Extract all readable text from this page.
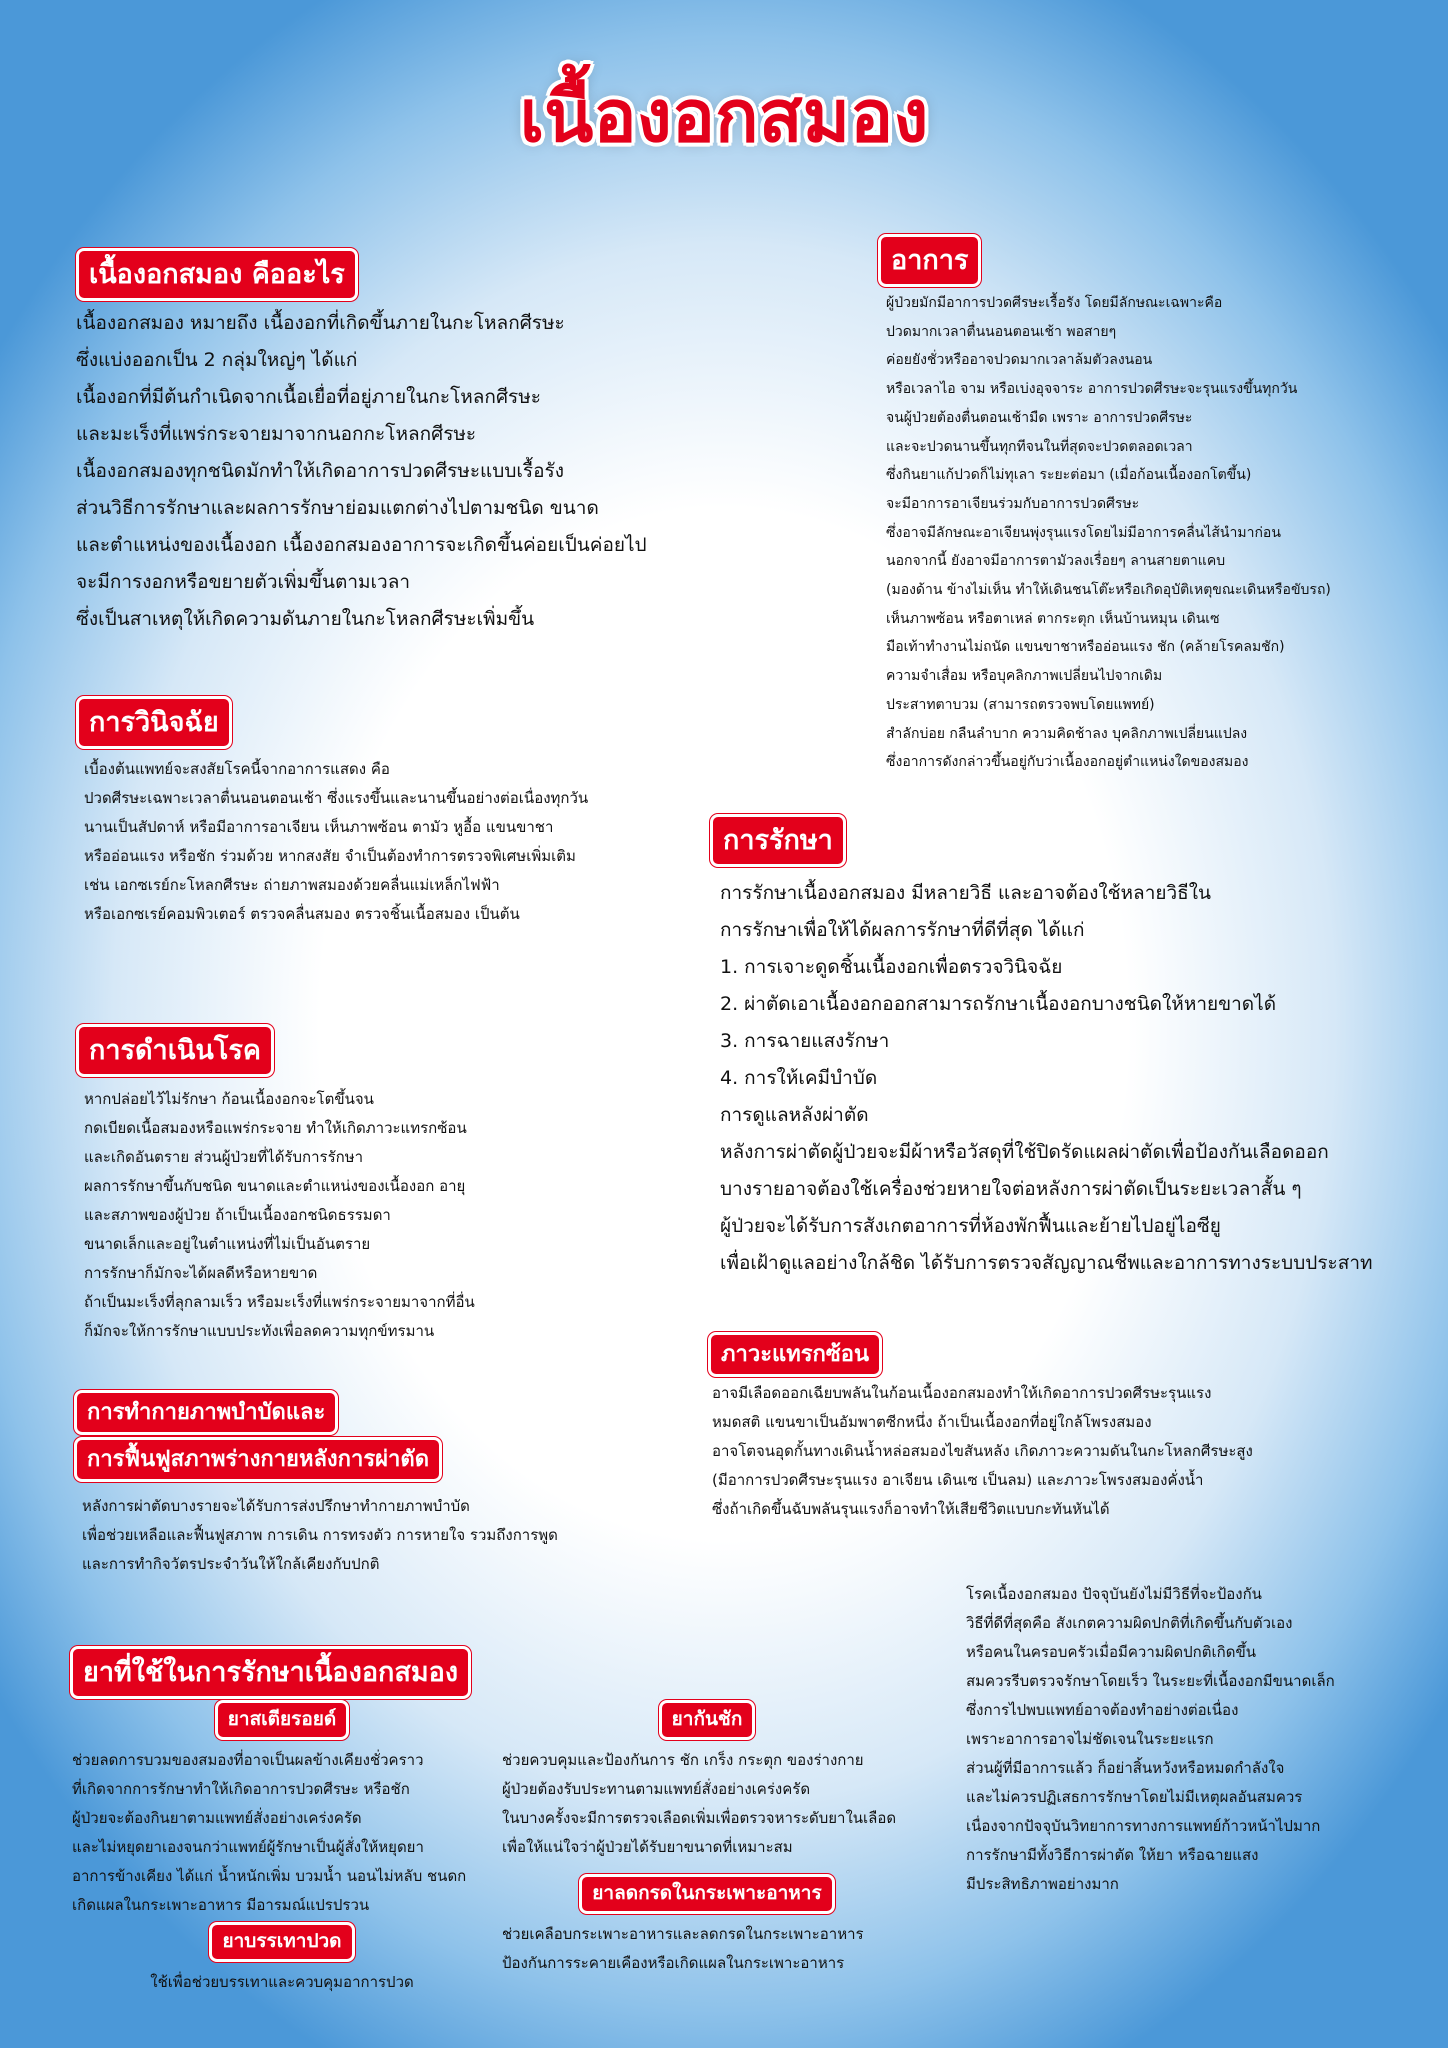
เนื้องอกสมอง
เนื้องอกสมอง คืออะไร
เนื้องอกสมอง หมายถึง เนื้องอกที่เกิดขึ้นภายในกะโหลกศีรษะ
ซึ่งแบ่งออกเป็น 2 กลุ่มใหญ่ๆ ได้แก่
เนื้องอกที่มีต้นกำเนิดจากเนื้อเยื่อที่อยู่ภายในกะโหลกศีรษะ
และมะเร็งที่แพร่กระจายมาจากนอกกะโหลกศีรษะ
เนื้องอกสมองทุกชนิดมักทำให้เกิดอาการปวดศีรษะแบบเรื้อรัง
ส่วนวิธีการรักษาและผลการรักษาย่อมแตกต่างไปตามชนิด ขนาด
และตำแหน่งของเนื้องอก เนื้องอกสมองอาการจะเกิดขึ้นค่อยเป็นค่อยไป
จะมีการงอกหรือขยายตัวเพิ่มขึ้นตามเวลา
ซึ่งเป็นสาเหตุให้เกิดความดันภายในกะโหลกศีรษะเพิ่มขึ้น
อาการ
ผู้ป่วยมักมีอาการปวดศีรษะเรื้อรัง โดยมีลักษณะเฉพาะคือ
ปวดมากเวลาตื่นนอนตอนเช้า พอสายๆ
ค่อยยังชั่วหรืออาจปวดมากเวลาล้มตัวลงนอน
หรือเวลาไอ จาม หรือเบ่งอุจจาระ อาการปวดศีรษะจะรุนแรงขึ้นทุกวัน
จนผู้ป่วยต้องตื่นตอนเช้ามืด เพราะ อาการปวดศีรษะ
และจะปวดนานขึ้นทุกทีจนในที่สุดจะปวดตลอดเวลา
ซึ่งกินยาแก้ปวดก็ไม่ทุเลา ระยะต่อมา (เมื่อก้อนเนื้องอกโตขึ้น)
จะมีอาการอาเจียนร่วมกับอาการปวดศีรษะ
ซึ่งอาจมีลักษณะอาเจียนพุ่งรุนแรงโดยไม่มีอาการคลื่นไส้นำมาก่อน
นอกจากนี้ ยังอาจมีอาการตามัวลงเรื่อยๆ ลานสายตาแคบ
(มองด้าน ข้างไม่เห็น ทำให้เดินชนโต๊ะหรือเกิดอุบัติเหตุขณะเดินหรือขับรถ)
เห็นภาพซ้อน หรือตาเหล่ ตากระตุก เห็นบ้านหมุน เดินเซ
มือเท้าทำงานไม่ถนัด แขนขาชาหรืออ่อนแรง ชัก (คล้ายโรคลมชัก)
ความจำเสื่อม หรือบุคลิกภาพเปลี่ยนไปจากเดิม
ประสาทตาบวม (สามารถตรวจพบโดยแพทย์)
สำลักบ่อย กลืนลำบาก ความคิดช้าลง บุคลิกภาพเปลี่ยนแปลง
ซึ่งอาการดังกล่าวขึ้นอยู่กับว่าเนื้องอกอยู่ตำแหน่งใดของสมอง
การวินิจฉัย
เบื้องต้นแพทย์จะสงสัยโรคนี้จากอาการแสดง คือ
ปวดศีรษะเฉพาะเวลาตื่นนอนตอนเช้า ซึ่งแรงขึ้นและนานขึ้นอย่างต่อเนื่องทุกวัน
นานเป็นสัปดาห์ หรือมีอาการอาเจียน เห็นภาพซ้อน ตามัว หูอื้อ แขนขาชา
หรืออ่อนแรง หรือชัก ร่วมด้วย หากสงสัย จำเป็นต้องทำการตรวจพิเศษเพิ่มเติม
เช่น เอกซเรย์กะโหลกศีรษะ ถ่ายภาพสมองด้วยคลื่นแม่เหล็กไฟฟ้า
หรือเอกซเรย์คอมพิวเตอร์ ตรวจคลื่นสมอง ตรวจชิ้นเนื้อสมอง เป็นต้น
การรักษา
การรักษาเนื้องอกสมอง มีหลายวิธี และอาจต้องใช้หลายวิธีใน
การรักษาเพื่อให้ได้ผลการรักษาที่ดีที่สุด ได้แก่
1. การเจาะดูดชิ้นเนื้องอกเพื่อตรวจวินิจฉัย
2. ผ่าตัดเอาเนื้องอกออกสามารถรักษาเนื้องอกบางชนิดให้หายขาดได้
3. การฉายแสงรักษา
4. การให้เคมีบำบัด
การดูแลหลังผ่าตัด
หลังการผ่าตัดผู้ป่วยจะมีผ้าหรือวัสดุที่ใช้ปิดรัดแผลผ่าตัดเพื่อป้องกันเลือดออก
บางรายอาจต้องใช้เครื่องช่วยหายใจต่อหลังการผ่าตัดเป็นระยะเวลาสั้น ๆ
ผู้ป่วยจะได้รับการสังเกตอาการที่ห้องพักฟื้นและย้ายไปอยู่ไอซียู
เพื่อเฝ้าดูแลอย่างใกล้ชิด ได้รับการตรวจสัญญาณชีพและอาการทางระบบประสาท
การดำเนินโรค
หากปล่อยไว้ไม่รักษา ก้อนเนื้องอกจะโตขึ้นจน
กดเบียดเนื้อสมองหรือแพร่กระจาย ทำให้เกิดภาวะแทรกซ้อน
และเกิดอันตราย ส่วนผู้ป่วยที่ได้รับการรักษา
ผลการรักษาขึ้นกับชนิด ขนาดและตำแหน่งของเนื้องอก อายุ
และสภาพของผู้ป่วย ถ้าเป็นเนื้องอกชนิดธรรมดา
ขนาดเล็กและอยู่ในตำแหน่งที่ไม่เป็นอันตราย
การรักษาก็มักจะได้ผลดีหรือหายขาด
ถ้าเป็นมะเร็งที่ลุกลามเร็ว หรือมะเร็งที่แพร่กระจายมาจากที่อื่น
ก็มักจะให้การรักษาแบบประทังเพื่อลดความทุกข์ทรมาน
ภาวะแทรกซ้อน
อาจมีเลือดออกเฉียบพลันในก้อนเนื้องอกสมองทำให้เกิดอาการปวดศีรษะรุนแรง
หมดสติ แขนขาเป็นอัมพาตซีกหนึ่ง ถ้าเป็นเนื้องอกที่อยู่ใกล้โพรงสมอง
อาจโตจนอุดกั้นทางเดินน้ำหล่อสมองไขสันหลัง เกิดภาวะความดันในกะโหลกศีรษะสูง
(มีอาการปวดศีรษะรุนแรง อาเจียน เดินเซ เป็นลม) และภาวะโพรงสมองคั่งน้ำ
ซึ่งถ้าเกิดขึ้นฉับพลันรุนแรงก็อาจทำให้เสียชีวิตแบบกะทันหันได้
การทำกายภาพบำบัดและ
การฟื้นฟูสภาพร่างกายหลังการผ่าตัด
หลังการผ่าตัดบางรายจะได้รับการส่งปรึกษาทำกายภาพบำบัด
เพื่อช่วยเหลือและฟื้นฟูสภาพ การเดิน การทรงตัว การหายใจ รวมถึงการพูด
และการทำกิจวัตรประจำวันให้ใกล้เคียงกับปกติ
โรคเนื้องอกสมอง ปัจจุบันยังไม่มีวิธีที่จะป้องกัน
วิธีที่ดีที่สุดคือ สังเกตความผิดปกติที่เกิดขึ้นกับตัวเอง
หรือคนในครอบครัวเมื่อมีความผิดปกติเกิดขึ้น
สมควรรีบตรวจรักษาโดยเร็ว ในระยะที่เนื้องอกมีขนาดเล็ก
ซึ่งการไปพบแพทย์อาจต้องทำอย่างต่อเนื่อง
เพราะอาการอาจไม่ชัดเจนในระยะแรก
ส่วนผู้ที่มีอาการแล้ว ก็อย่าสิ้นหวังหรือหมดกำลังใจ
และไม่ควรปฏิเสธการรักษาโดยไม่มีเหตุผลอันสมควร
เนื่องจากปัจจุบันวิทยาการทางการแพทย์ก้าวหน้าไปมาก
การรักษามีทั้งวิธีการผ่าตัด ให้ยา หรือฉายแสง
มีประสิทธิภาพอย่างมาก
ยาที่ใช้ในการรักษาเนื้องอกสมอง
ยาสเตียรอยด์
ช่วยลดการบวมของสมองที่อาจเป็นผลข้างเคียงชั่วคราว
ที่เกิดจากการรักษาทำให้เกิดอาการปวดศีรษะ หรือชัก
ผู้ป่วยจะต้องกินยาตามแพทย์สั่งอย่างเคร่งครัด
และไม่หยุดยาเองจนกว่าแพทย์ผู้รักษาเป็นผู้สั่งให้หยุดยา
อาการข้างเคียง ได้แก่ น้ำหนักเพิ่ม บวมน้ำ นอนไม่หลับ ชนดก
เกิดแผลในกระเพาะอาหาร มีอารมณ์แปรปรวน
ยาบรรเทาปวด
ใช้เพื่อช่วยบรรเทาและควบคุมอาการปวด
ยากันชัก
ช่วยควบคุมและป้องกันการ ชัก เกร็ง กระตุก ของร่างกาย
ผู้ป่วยต้องรับประทานตามแพทย์สั่งอย่างเคร่งครัด
ในบางครั้งจะมีการตรวจเลือดเพิ่มเพื่อตรวจหาระดับยาในเลือด
เพื่อให้แน่ใจว่าผู้ป่วยได้รับยาขนาดที่เหมาะสม
ยาลดกรดในกระเพาะอาหาร
ช่วยเคลือบกระเพาะอาหารและลดกรดในกระเพาะอาหาร
ป้องกันการระคายเคืองหรือเกิดแผลในกระเพาะอาหาร
